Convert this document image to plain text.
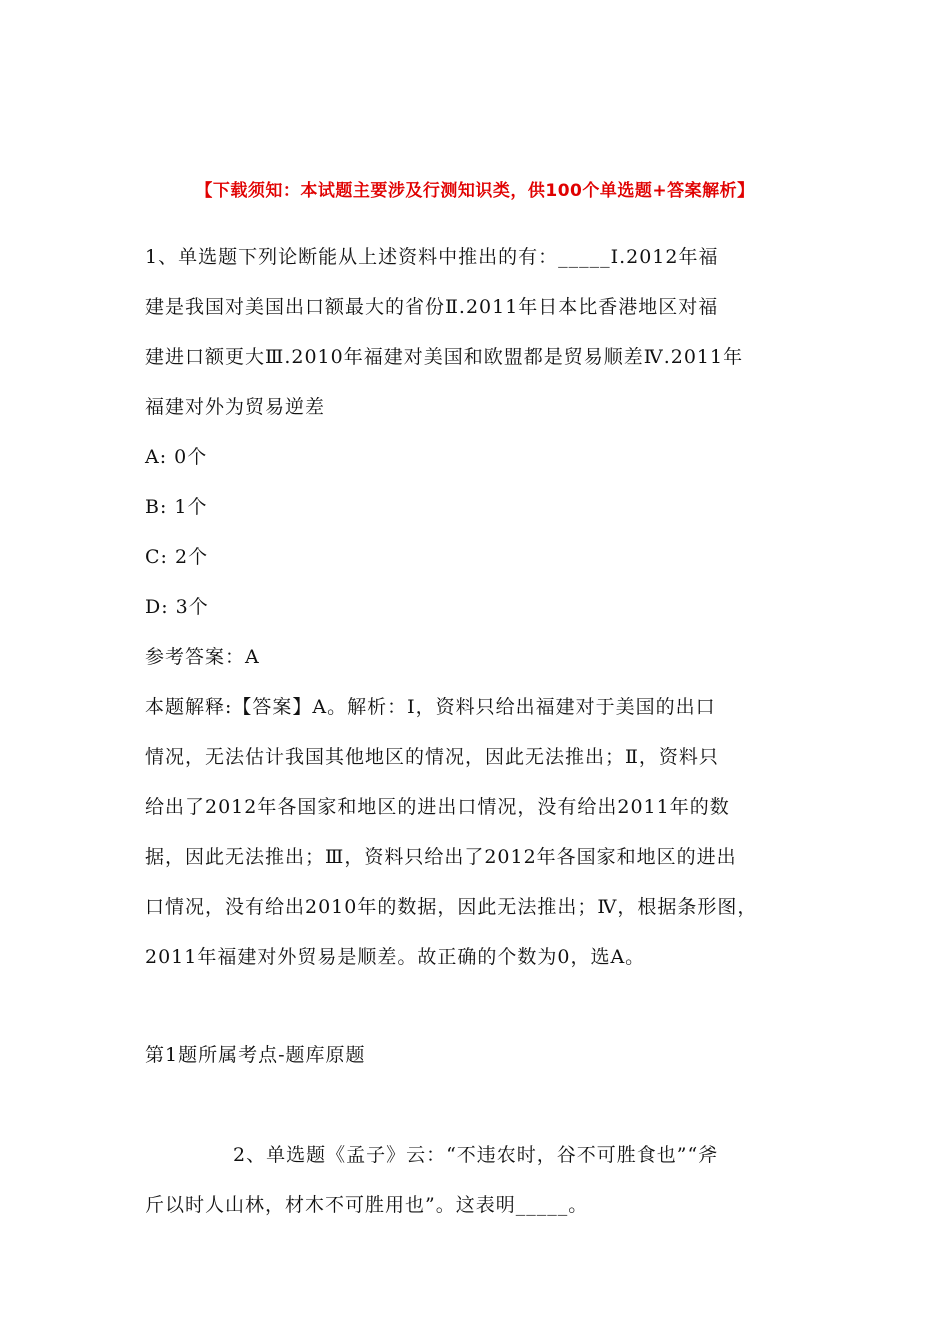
【下载须知：本试题主要涉及行测知识类，供100个单选题+答案解析】
1、单选题下列论断能从上述资料中推出的有：_____Ⅰ.2012年福
建是我国对美国出口额最大的省份Ⅱ.2011年日本比香港地区对福
建进口额更大Ⅲ.2010年福建对美国和欧盟都是贸易顺差Ⅳ.2011年
福建对外为贸易逆差
A: 0个
B: 1个
C: 2个
D: 3个
参考答案：A
本题解释:【答案】A。解析：Ⅰ，资料只给出福建对于美国的出口
情况，无法估计我国其他地区的情况，因此无法推出；Ⅱ，资料只
给出了2012年各国家和地区的进出口情况，没有给出2011年的数
据，因此无法推出；Ⅲ，资料只给出了2012年各国家和地区的进出
口情况，没有给出2010年的数据，因此无法推出；Ⅳ，根据条形图，
2011年福建对外贸易是顺差。故正确的个数为0，选A。
第1题所属考点-题库原题
2、单选题《孟子》云：“不违农时，谷不可胜食也”“斧
斤以时人山林，材木不可胜用也”。这表明_____。
